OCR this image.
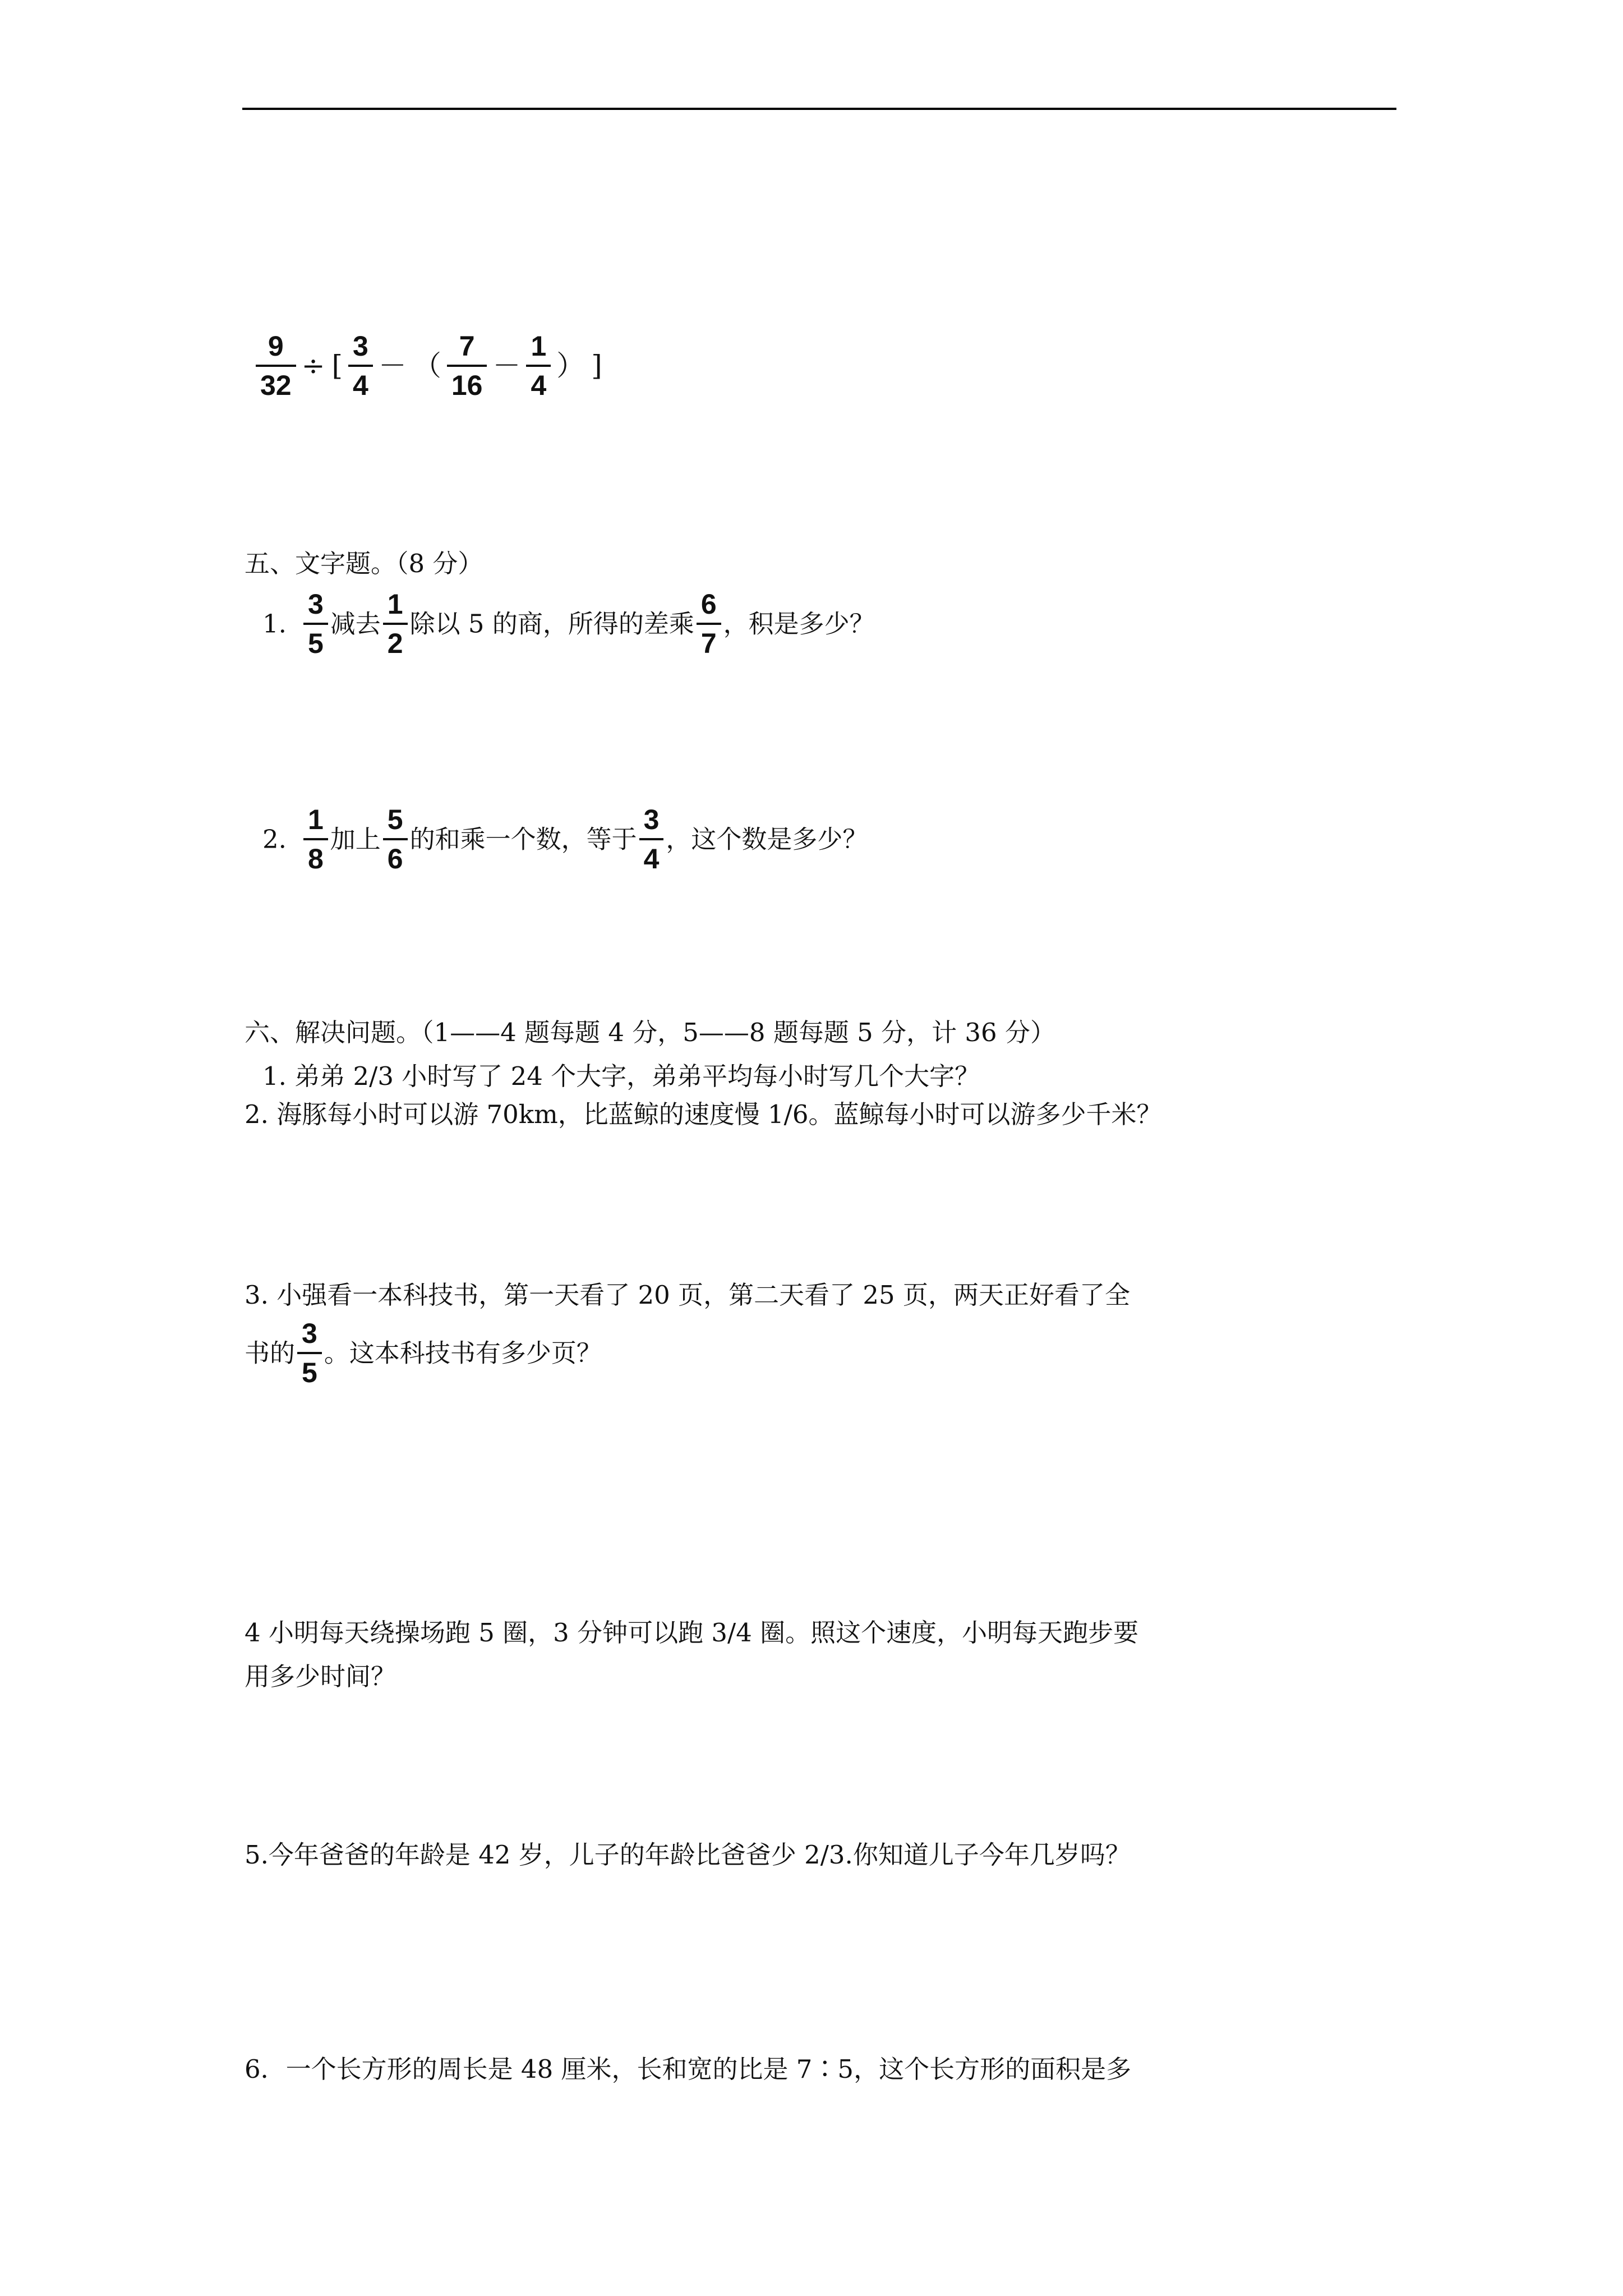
$\frac{9}{32}$ ÷ [ $\frac{3}{4}$ － （ $\frac{7}{16} - \frac{1}{4}$ ） ]
五、文字题。（8 分）
1. $\frac{3}{5}$ 减去 $\frac{1}{2}$ 除以 5 的商，所得的差乘 $\frac{6}{7}$ ，积是多少？
2. $\frac{1}{8}$ 加上 $\frac{5}{6}$ 的和乘一个数，等于 $\frac{3}{4}$ ，这个数是多少？
六、解决问题。（1——4 题每题 4 分，5——8 题每题 5 分，计 36 分）
1. 弟弟 2/3 小时写了 24 个大字，弟弟平均每小时写几个大字？
2. 海豚每小时可以游 70km，比蓝鲸的速度慢 1/6。蓝鲸每小时可以游多少千米？
3. 小强看一本科技书，第一天看了 20 页，第二天看了 25 页，两天正好看了全
书的 $\frac{3}{5}$ 。这本科技书有多少页？
4 小明每天绕操场跑 5 圈，3 分钟可以跑 3/4 圈。照这个速度，小明每天跑步要
用多少时间？
5.今年爸爸的年龄是 42 岁，儿子的年龄比爸爸少 2/3.你知道儿子今年几岁吗？
6．一个长方形的周长是 48 厘米，长和宽的比是 7∶5，这个长方形的面积是多
